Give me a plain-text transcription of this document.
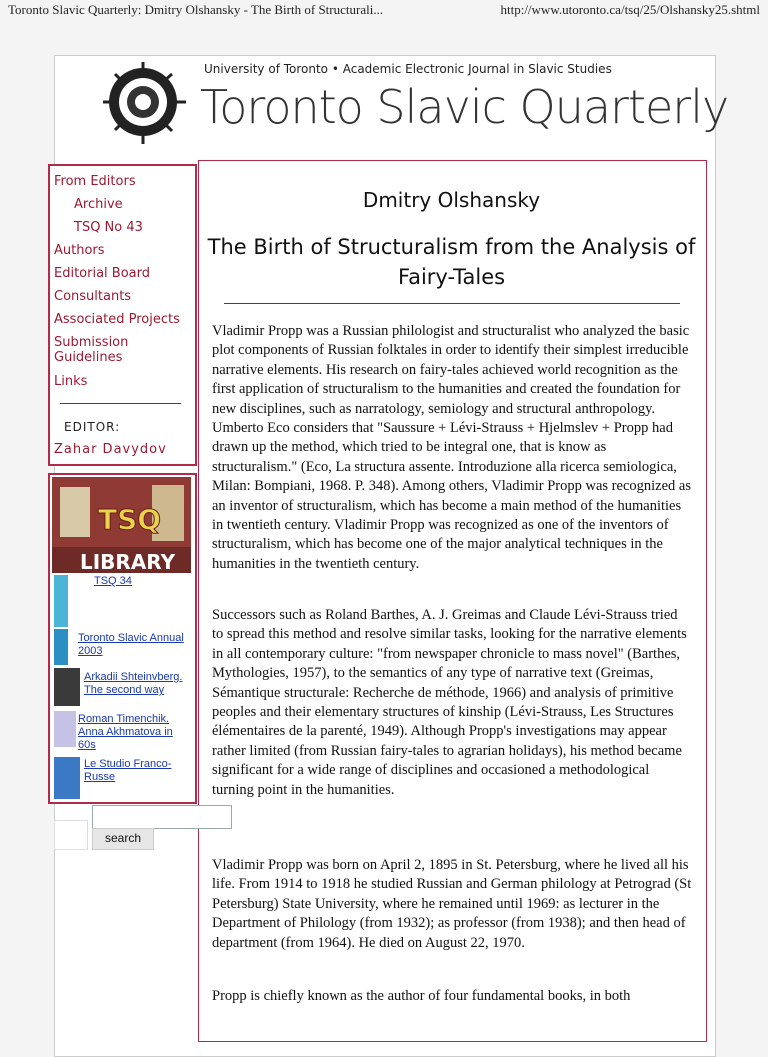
Toronto Slavic Quarterly: Dmitry Olshansky - The Birth of Structurali...	http://www.utoronto.ca/tsq/25/Olshansky25.shtml
University of Toronto • Academic Electronic Journal in Slavic Studies
Toronto Slavic Quarterly
From Editors
Archive
TSQ No 43
Authors
Editorial Board
Consultants
Associated Projects
Submission Guidelines
Links
EDITOR:
Zahar Davydov
TSQ
LIBRARY
TSQ 34
Toronto Slavic Annual 2003
Arkadii Shteinvberg. The second way
Roman Timenchik. Anna Akhmatova in 60s
Le Studio Franco-Russe
search
Dmitry Olshansky
The Birth of Structuralism from the Analysis of Fairy-Tales

Vladimir Propp was a Russian philologist and structuralist who analyzed the basic plot components of Russian folktales in order to identify their simplest irreducible narrative elements. His research on fairy-tales achieved world recognition as the first application of structuralism to the humanities and created the foundation for new disciplines, such as narratology, semiology and structural anthropology. Umberto Eco considers that "Saussure + Lévi-Strauss + Hjelmslev + Propp had drawn up the method, which tried to be integral one, that is know as structuralism." (Eco, La structura assente. Introduzione alla ricerca semiologica, Milan: Bompiani, 1968. P. 348). Among others, Vladimir Propp was recognized as an inventor of structuralism, which has become a main method of the humanities in twentieth century. Vladimir Propp was recognized as one of the inventors of structuralism, which has become one of the major analytical techniques in the humanities in the twentieth century.

Successors such as Roland Barthes, A. J. Greimas and Claude Lévi-Strauss tried to spread this method and resolve similar tasks, looking for the narrative elements in all contemporary culture: "from newspaper chronicle to mass novel" (Barthes, Mythologies, 1957), to the semantics of any type of narrative text (Greimas, Sémantique structurale: Recherche de méthode, 1966) and analysis of primitive peoples and their elementary structures of kinship (Lévi-Strauss, Les Structures élémentaires de la parenté, 1949). Although Propp's investigations may appear rather limited (from Russian fairy-tales to agrarian holidays), his method became significant for a wide range of disciplines and occasioned a methodological turning point in the humanities.

Vladimir Propp was born on April 2, 1895 in St. Petersburg, where he lived all his life. From 1914 to 1918 he studied Russian and German philology at Petrograd (St Petersburg) State University, where he remained until 1969: as lecturer in the Department of Philology (from 1932); as professor (from 1938); and then head of department (from 1964). He died on August 22, 1970.

Propp is chiefly known as the author of four fundamental books, in both
